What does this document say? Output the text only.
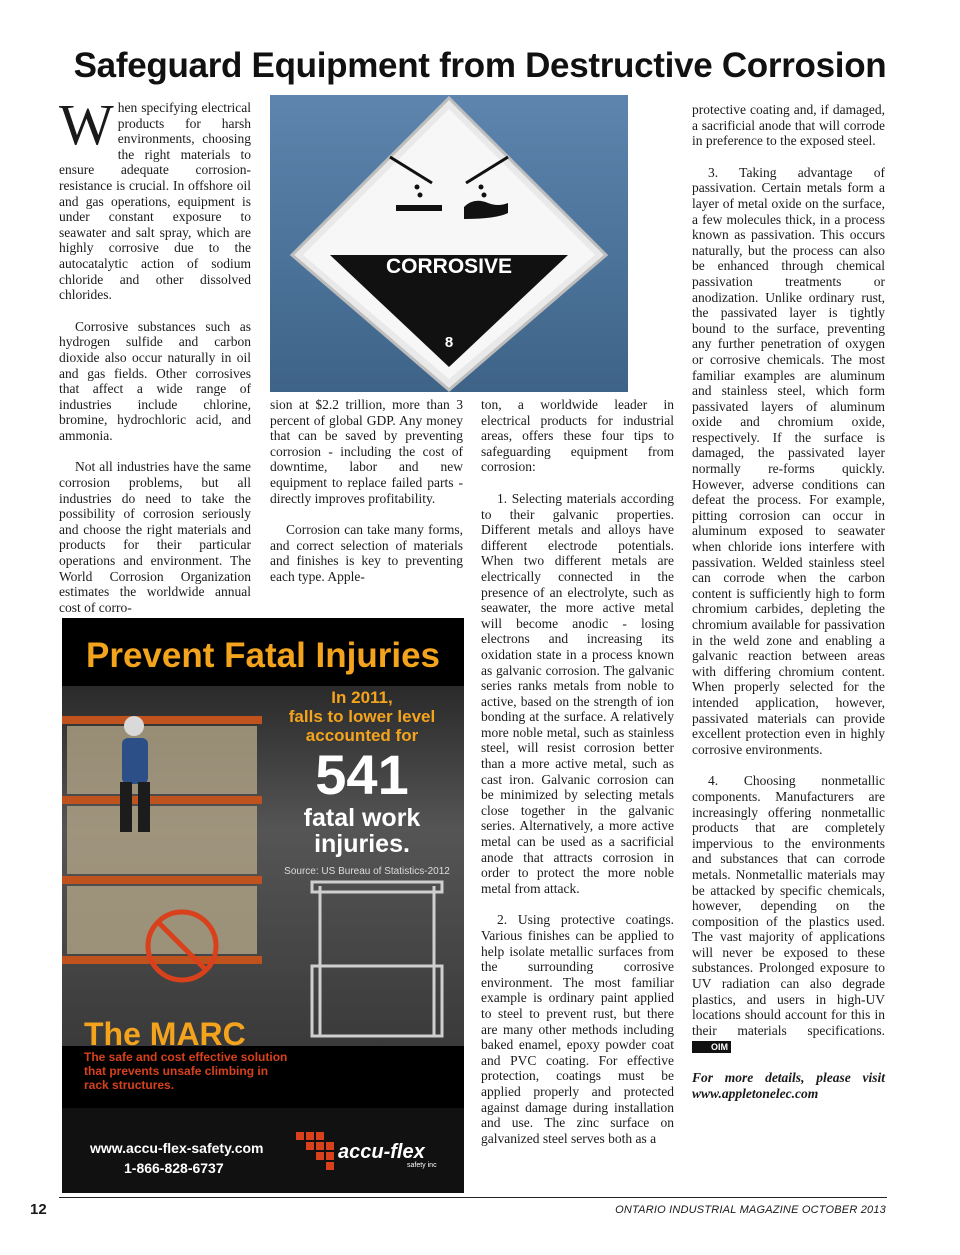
Safeguard Equipment from Destructive Corrosion

When specifying electrical products for harsh environments, choosing the right materials to ensure adequate corrosion-resistance is crucial. In offshore oil and gas operations, equipment is under constant exposure to seawater and salt spray, which are highly corrosive due to the autocatalytic action of sodium chloride and other dissolved chlorides.

Corrosive substances such as hydrogen sulfide and carbon dioxide also occur naturally in oil and gas fields. Other corrosives that affect a wide range of industries include chlorine, bromine, hydrochloric acid, and ammonia.

Not all industries have the same corrosion problems, but all industries do need to take the possibility of corrosion seriously and choose the right materials and products for their particular operations and environment. The World Corrosion Organization estimates the worldwide annual cost of corro-

CORROSIVE
8

sion at $2.2 trillion, more than 3 percent of global GDP. Any money that can be saved by preventing corrosion - including the cost of downtime, labor and new equipment to replace failed parts - directly improves profitability.

Corrosion can take many forms, and correct selection of materials and finishes is key to preventing each type. Apple-

ton, a worldwide leader in electrical products for industrial areas, offers these four tips to safeguarding equipment from corrosion:

1. Selecting materials according to their galvanic properties. Different metals and alloys have different electrode potentials. When two different metals are electrically connected in the presence of an electrolyte, such as seawater, the more active metal will become anodic - losing electrons and increasing its oxidation state in a process known as galvanic corrosion. The galvanic series ranks metals from noble to active, based on the strength of ion bonding at the surface. A relatively more noble metal, such as stainless steel, will resist corrosion better than a more active metal, such as cast iron. Galvanic corrosion can be minimized by selecting metals close together in the galvanic series. Alternatively, a more active metal can be used as a sacrificial anode that attracts corrosion in order to protect the more noble metal from attack.

2. Using protective coatings. Various finishes can be applied to help isolate metallic surfaces from the surrounding corrosive environment. The most familiar example is ordinary paint applied to steel to prevent rust, but there are many other methods including baked enamel, epoxy powder coat and PVC coating. For effective protection, coatings must be applied properly and protected against damage during installation and use. The zinc surface on galvanized steel serves both as a

protective coating and, if damaged, a sacrificial anode that will corrode in preference to the exposed steel.

3. Taking advantage of passivation. Certain metals form a layer of metal oxide on the surface, a few molecules thick, in a process known as passivation. This occurs naturally, but the process can also be enhanced through chemical passivation treatments or anodization. Unlike ordinary rust, the passivated layer is tightly bound to the surface, preventing any further penetration of oxygen or corrosive chemicals. The most familiar examples are aluminum and stainless steel, which form passivated layers of aluminum oxide and chromium oxide, respectively. If the surface is damaged, the passivated layer normally re-forms quickly. However, adverse conditions can defeat the process. For example, pitting corrosion can occur in aluminum exposed to seawater when chloride ions interfere with passivation. Welded stainless steel can corrode when the carbon content is sufficiently high to form chromium carbides, depleting the chromium available for passivation in the weld zone and enabling a galvanic reaction between areas with differing chromium content. When properly selected for the intended application, however, passivated materials can provide excellent protection even in highly corrosive environments.

4. Choosing nonmetallic components. Manufacturers are increasingly offering nonmetallic products that are completely impervious to the environments and substances that can corrode metals. Nonmetallic materials may be attacked by specific chemicals, however, depending on the composition of the plastics used. The vast majority of applications will never be exposed to these substances. Prolonged exposure to UV radiation can also degrade plastics, and users in high-UV locations should account for this in their materials specifications. OIM

For more details, please visit www.appletonelec.com

Prevent Fatal Injuries
In 2011,
falls to lower level
accounted for
541
fatal work
injuries.
Source: US Bureau of Statistics-2012
The MARC
The safe and cost effective solution that prevents unsafe climbing in rack structures.
www.accu-flex-safety.com
1-866-828-6737
accu-flex
safety inc
12	ONTARIO INDUSTRIAL MAGAZINE OCTOBER 2013
